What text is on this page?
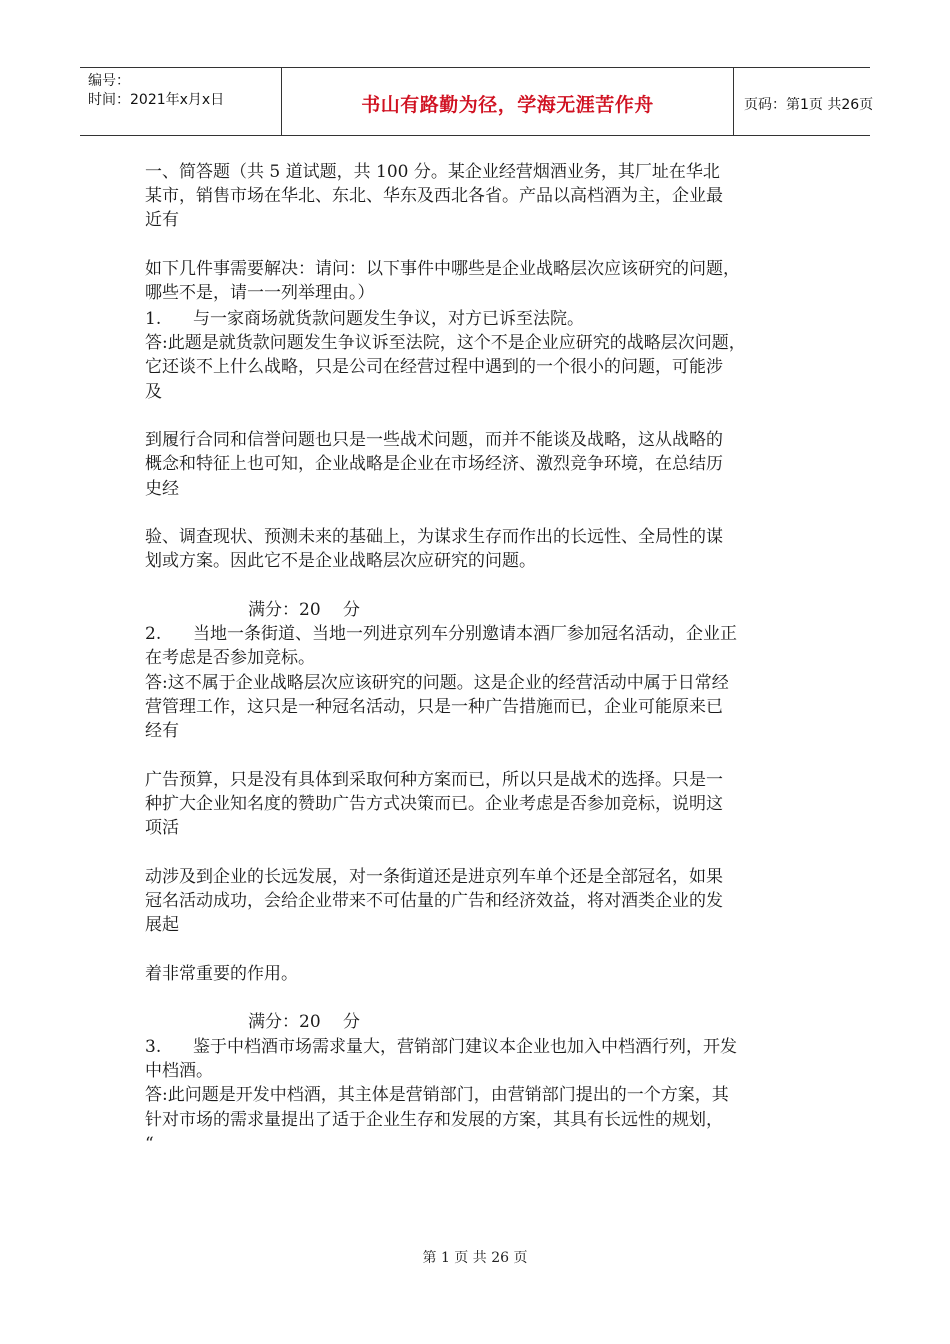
编号：
时间：2021年x月x日	书山有路勤为径，学海无涯苦作舟	页码：第1页 共26页
一、简答题（共 5 道试题，共 100 分。某企业经营烟酒业务，其厂址在华北
某市，销售市场在华北、东北、华东及西北各省。产品以高档酒为主，企业最
近有
如下几件事需要解决：请问：以下事件中哪些是企业战略层次应该研究的问题，
哪些不是，请一一列举理由。）
1. 与一家商场就货款问题发生争议，对方已诉至法院。
答:此题是就货款问题发生争议诉至法院，这个不是企业应研究的战略层次问题，
它还谈不上什么战略，只是公司在经营过程中遇到的一个很小的问题，可能涉
及
到履行合同和信誉问题也只是一些战术问题，而并不能谈及战略，这从战略的
概念和特征上也可知，企业战略是企业在市场经济、激烈竞争环境，在总结历
史经
验、调查现状、预测未来的基础上，为谋求生存而作出的长远性、全局性的谋
划或方案。因此它不是企业战略层次应研究的问题。
满分：20　 分
2. 当地一条街道、当地一列进京列车分别邀请本酒厂参加冠名活动，企业正
在考虑是否参加竞标。
答:这不属于企业战略层次应该研究的问题。这是企业的经营活动中属于日常经
营管理工作，这只是一种冠名活动，只是一种广告措施而已，企业可能原来已
经有
广告预算，只是没有具体到采取何种方案而已，所以只是战术的选择。只是一
种扩大企业知名度的赞助广告方式决策而已。企业考虑是否参加竞标，说明这
项活
动涉及到企业的长远发展，对一条街道还是进京列车单个还是全部冠名，如果
冠名活动成功，会给企业带来不可估量的广告和经济效益，将对酒类企业的发
展起
着非常重要的作用。
满分：20　 分
3. 鉴于中档酒市场需求量大，营销部门建议本企业也加入中档酒行列，开发
中档酒。
答:此问题是开发中档酒，其主体是营销部门，由营销部门提出的一个方案，其
针对市场的需求量提出了适于企业生存和发展的方案，其具有长远性的规划，
“
第 1 页 共 26 页
